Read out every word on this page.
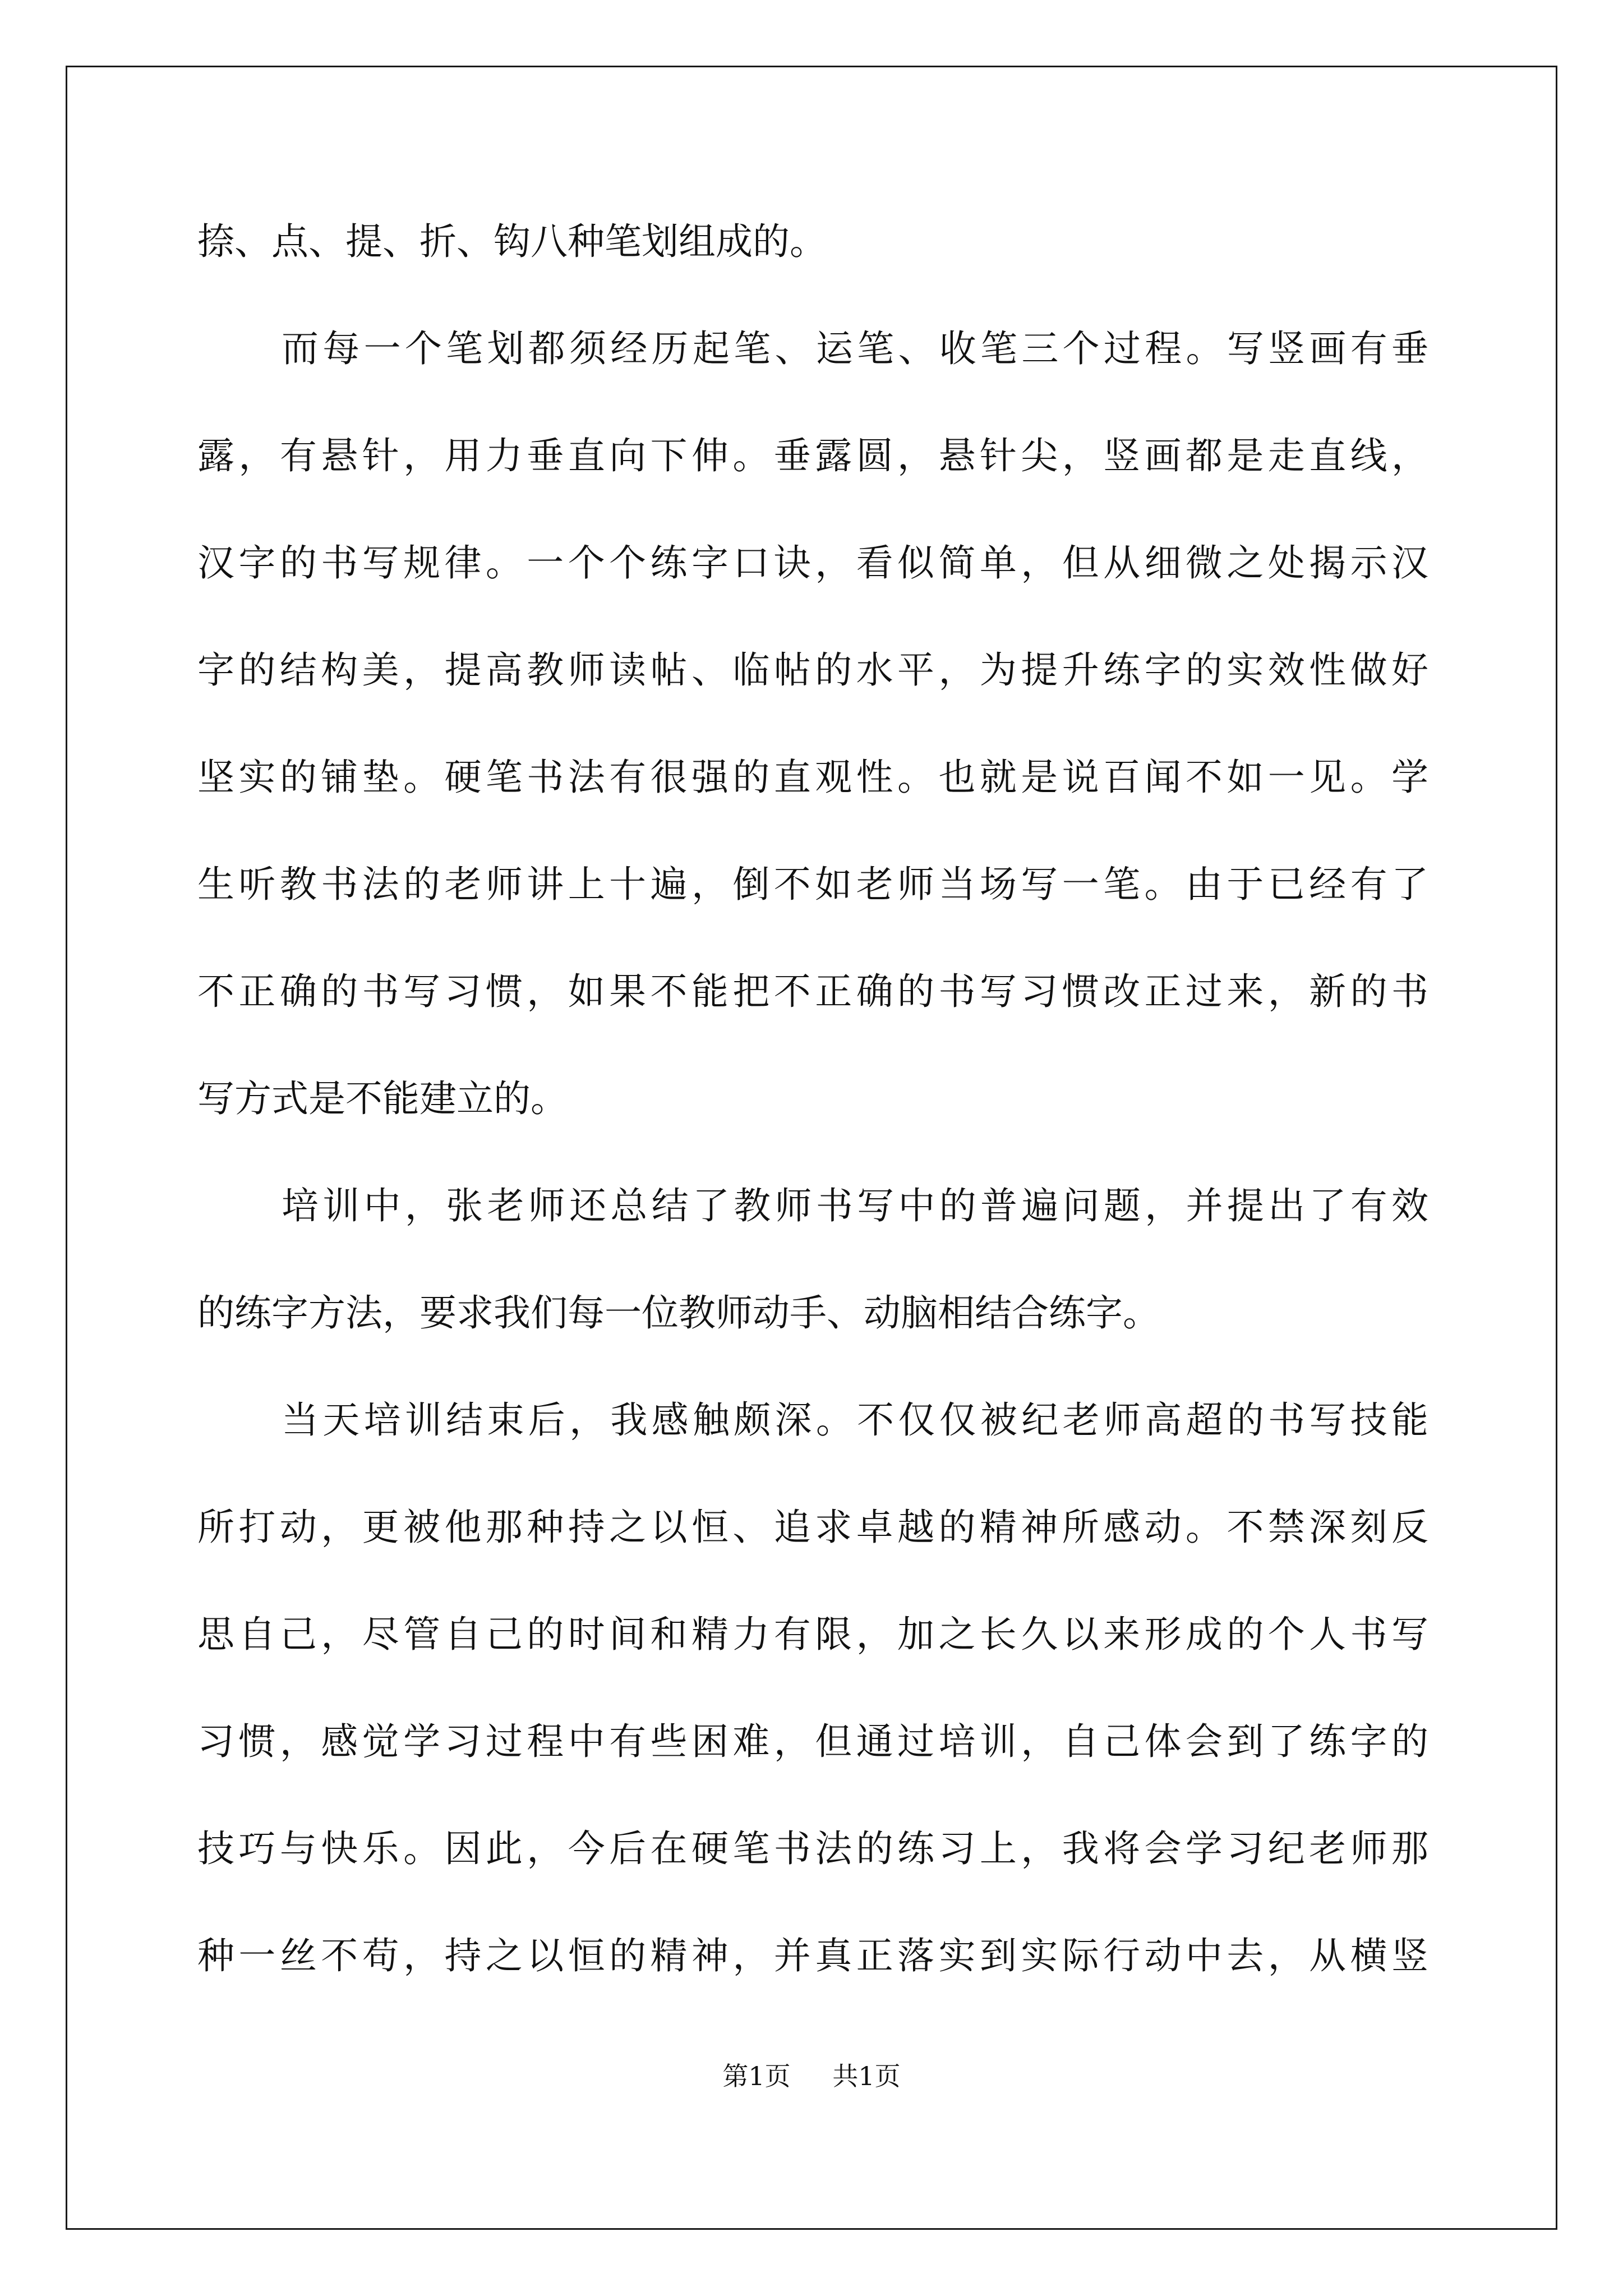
捺、点、提、折、钩八种笔划组成的。
而每一个笔划都须经历起笔、运笔、收笔三个过程。写竖画有垂
露，有悬针，用力垂直向下伸。垂露圆，悬针尖，竖画都是走直线，
汉字的书写规律。一个个练字口诀，看似简单，但从细微之处揭示汉
字的结构美，提高教师读帖、临帖的水平，为提升练字的实效性做好
坚实的铺垫。硬笔书法有很强的直观性。也就是说百闻不如一见。学
生听教书法的老师讲上十遍，倒不如老师当场写一笔。由于已经有了
不正确的书写习惯，如果不能把不正确的书写习惯改正过来，新的书
写方式是不能建立的。
培训中，张老师还总结了教师书写中的普遍问题，并提出了有效
的练字方法，要求我们每一位教师动手、动脑相结合练字。
当天培训结束后，我感触颇深。不仅仅被纪老师高超的书写技能
所打动，更被他那种持之以恒、追求卓越的精神所感动。不禁深刻反
思自己，尽管自己的时间和精力有限，加之长久以来形成的个人书写
习惯，感觉学习过程中有些困难，但通过培训，自己体会到了练字的
技巧与快乐。因此，今后在硬笔书法的练习上，我将会学习纪老师那
种一丝不苟，持之以恒的精神，并真正落实到实际行动中去，从横竖
第1页 共1页
